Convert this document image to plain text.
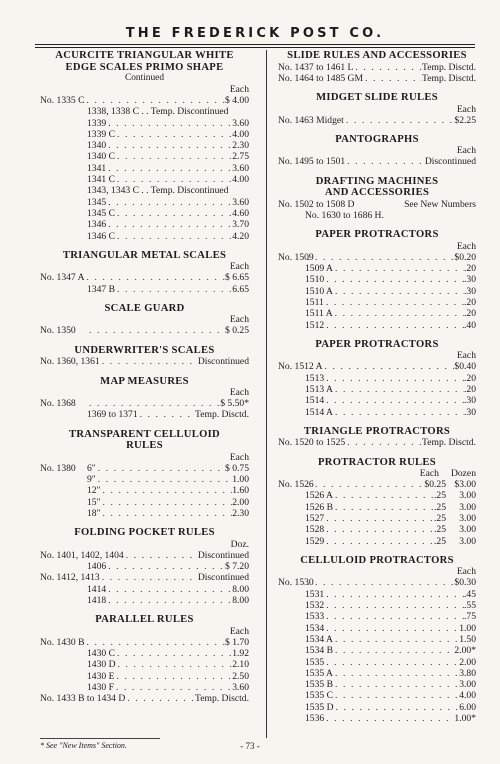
THE FREDERICK POST CO.
ACURCITE TRIANGULAR WHITE
EDGE SCALES PRIMO SHAPE
Continued
Each
No. 1335 C . . .	$ 4.00
1338, 1338 C . . Temp. Discontinued
1339 . . .	3.60
1339 C . . .	4.00
1340 . . .	2.30
1340 C . . .	2.75
1341 . . .	3.60
1341 C . . .	4.00
1343, 1343 C . . Temp. Discontinued
1345 . . .	3.60
1345 C . . .	4.60
1346 . . .	3.70
1346 C . . .	4.20
TRIANGULAR METAL SCALES
Each
No. 1347 A . . .	$ 6.65
1347 B . . .	6.65
SCALE GUARD
Each
No. 1350 . . .	$ 0.25
UNDERWRITER'S SCALES
No. 1360, 1361 . . .	Discontinued
MAP MEASURES
Each
No. 1368 . . .	$ 5.50*
1369 to 1371 . . .	Temp. Disctd.
TRANSPARENT CELLULOID
RULES
Each
No. 1380	6" . . .	$ 0.75
9" . . .	1.00
12" . . .	1.60
15" . . .	2.00
18" . . .	2.30
FOLDING POCKET RULES
Doz.
No. 1401, 1402, 1404 . . .	Discontinued
1406 . . .	$ 7.20
No. 1412, 1413 . . .	Discontinued
1414 . . .	8.00
1418 . . .	8.00
PARALLEL RULES
Each
No. 1430 B . . .	$ 1.70
1430 C . . .	1.92
1430 D . . .	2.10
1430 E . . .	2.50
1430 F . . .	3.60
No. 1433 B to 1434 D . . .	Temp. Disctd.
SLIDE RULES AND ACCESSORIES
No. 1437 to 1461 L . . .	Temp. Disctd.
No. 1464 to 1485 GM . . .	Temp. Disctd.
MIDGET SLIDE RULES
Each
No. 1463 Midget . . .	$2.25
PANTOGRAPHS
Each
No. 1495 to 1501 . . .	Discontinued
DRAFTING MACHINES
AND ACCESSORIES
No. 1502 to 1508 D	See New Numbers
No. 1630 to 1686 H.
PAPER PROTRACTORS
Each
No. 1509 . . .	$0.20
1509 A . . .	.20
1510 . . .	.30
1510 A . . .	.30
1511 . . .	.20
1511 A . . .	.20
1512 . . .	.40
PAPER PROTRACTORS
Each
No. 1512 A . . .	$0.40
1513 . . .	.20
1513 A . . .	.20
1514 . . .	.30
1514 A . . .	.30
TRIANGLE PROTRACTORS
No. 1520 to 1525 . . .	Temp. Disctd.
PROTRACTOR RULES
Each Dozen
No. 1526 . . .	$0.25 $3.00
1526 A . . .	.25	3.00
1526 B . . .	.25	3.00
1527 . . .	.25	3.00
1528 . . .	.25	3.00
1529 . . .	.25	3.00
CELLULOID PROTRACTORS
Each
No. 1530 . . .	$0.30
1531 . . .	.45
1532 . . .	.55
1533 . . .	.75
1534 . . .	1.00
1534 A . . .	1.50
1534 B . . .	2.00*
1535 . . .	2.00
1535 A . . .	3.80
1535 B . . .	3.00
1535 C . . .	4.00
1535 D . . .	6.00
1536 . . .	1.00*
* See "New Items" Section.	- 73 -
